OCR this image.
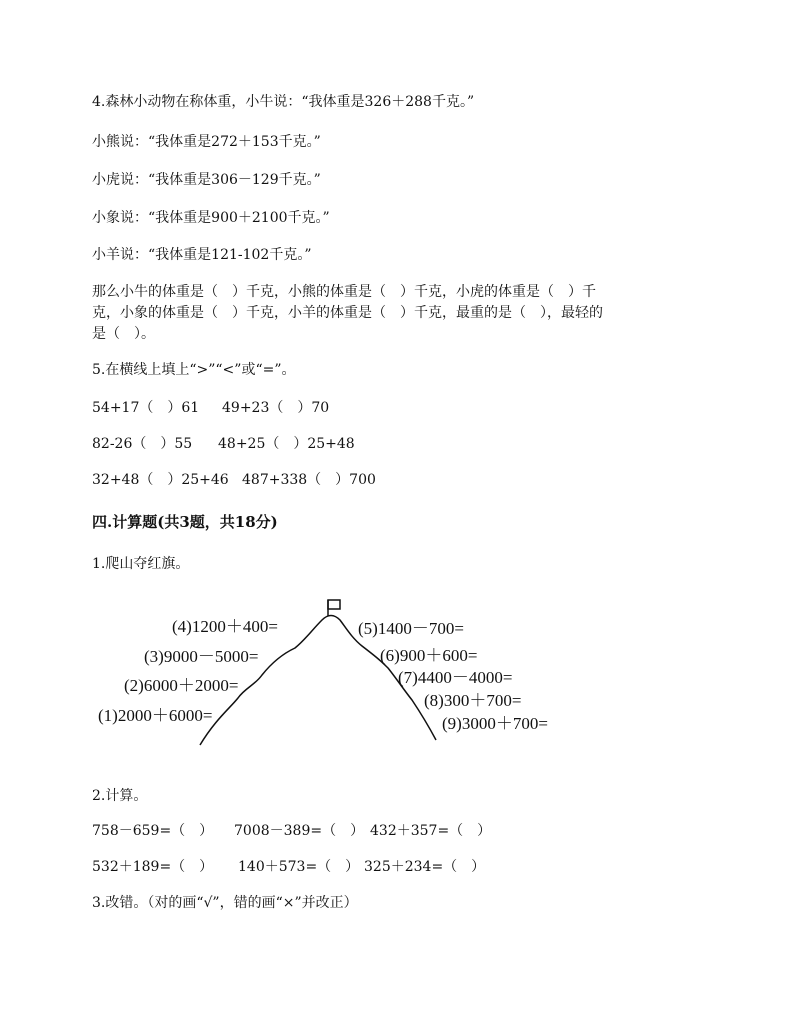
4.森林小动物在称体重，小牛说：“我体重是326＋288千克。”
小熊说：“我体重是272＋153千克。”
小虎说：“我体重是306－129千克。”
小象说：“我体重是900＋2100千克。”
小羊说：“我体重是121-102千克。”
那么小牛的体重是（　）千克，小熊的体重是（　）千克，小虎的体重是（　）千克，小象的体重是（　）千克，小羊的体重是（　）千克，最重的是（　），最轻的是（　）。
5.在横线上填上“>”“<”或“=”。
54+17（　）61 49+23（　）70
82-26（　）55 48+25（　）25+48
32+48（　）25+46 487+338（　）700
四.计算题(共3题，共18分)
1.爬山夺红旗。
(1)2000＋6000=
(2)6000＋2000=
(3)9000－5000=
(4)1200＋400=	(5)1400－700=
(6)900＋600=
(7)4400－4000=
(8)300＋700=
(9)3000＋700=
2.计算。
758－659=（　） 7008－389=（　） 432＋357=（　）
532＋189=（　） 140＋573=（　） 325＋234=（　）
3.改错。（对的画“√”，错的画“×”并改正）
